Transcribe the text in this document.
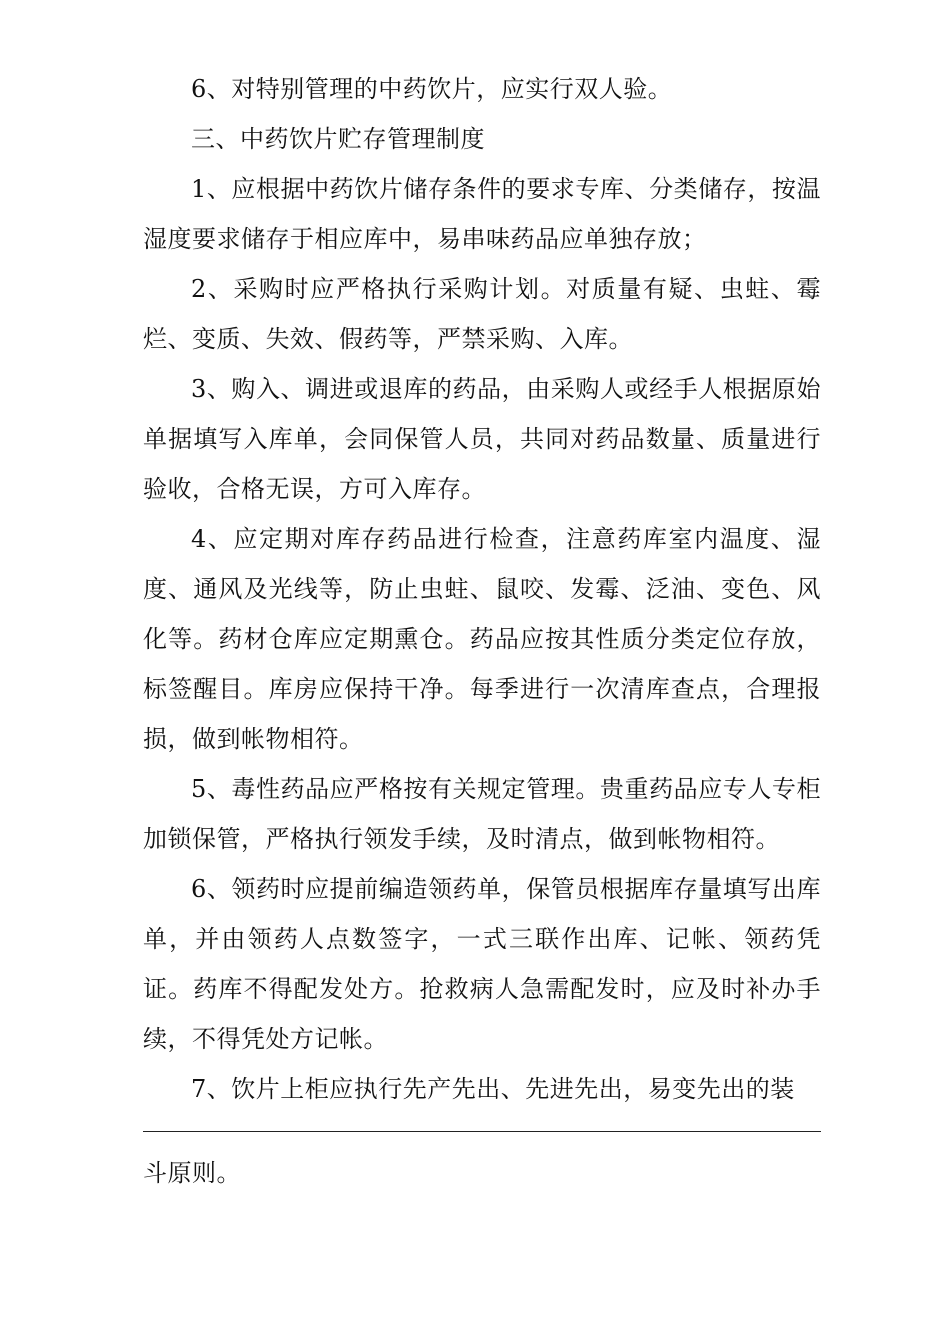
6、对特别管理的中药饮片，应实行双人验。

三、中药饮片贮存管理制度

1、应根据中药饮片储存条件的要求专库、分类储存，按温湿度要求储存于相应库中，易串味药品应单独存放；

2、采购时应严格执行采购计划。对质量有疑、虫蛀、霉烂、变质、失效、假药等，严禁采购、入库。

3、购入、调进或退库的药品，由采购人或经手人根据原始单据填写入库单，会同保管人员，共同对药品数量、质量进行验收，合格无误，方可入库存。

4、应定期对库存药品进行检查，注意药库室内温度、湿度、通风及光线等，防止虫蛀、鼠咬、发霉、泛油、变色、风化等。药材仓库应定期熏仓。药品应按其性质分类定位存放，标签醒目。库房应保持干净。每季进行一次清库查点，合理报损，做到帐物相符。

5、毒性药品应严格按有关规定管理。贵重药品应专人专柜加锁保管，严格执行领发手续，及时清点，做到帐物相符。

6、领药时应提前编造领药单，保管员根据库存量填写出库单，并由领药人点数签字，一式三联作出库、记帐、领药凭证。药库不得配发处方。抢救病人急需配发时，应及时补办手续，不得凭处方记帐。

7、饮片上柜应执行先产先出、先进先出，易变先出的装

斗原则。
